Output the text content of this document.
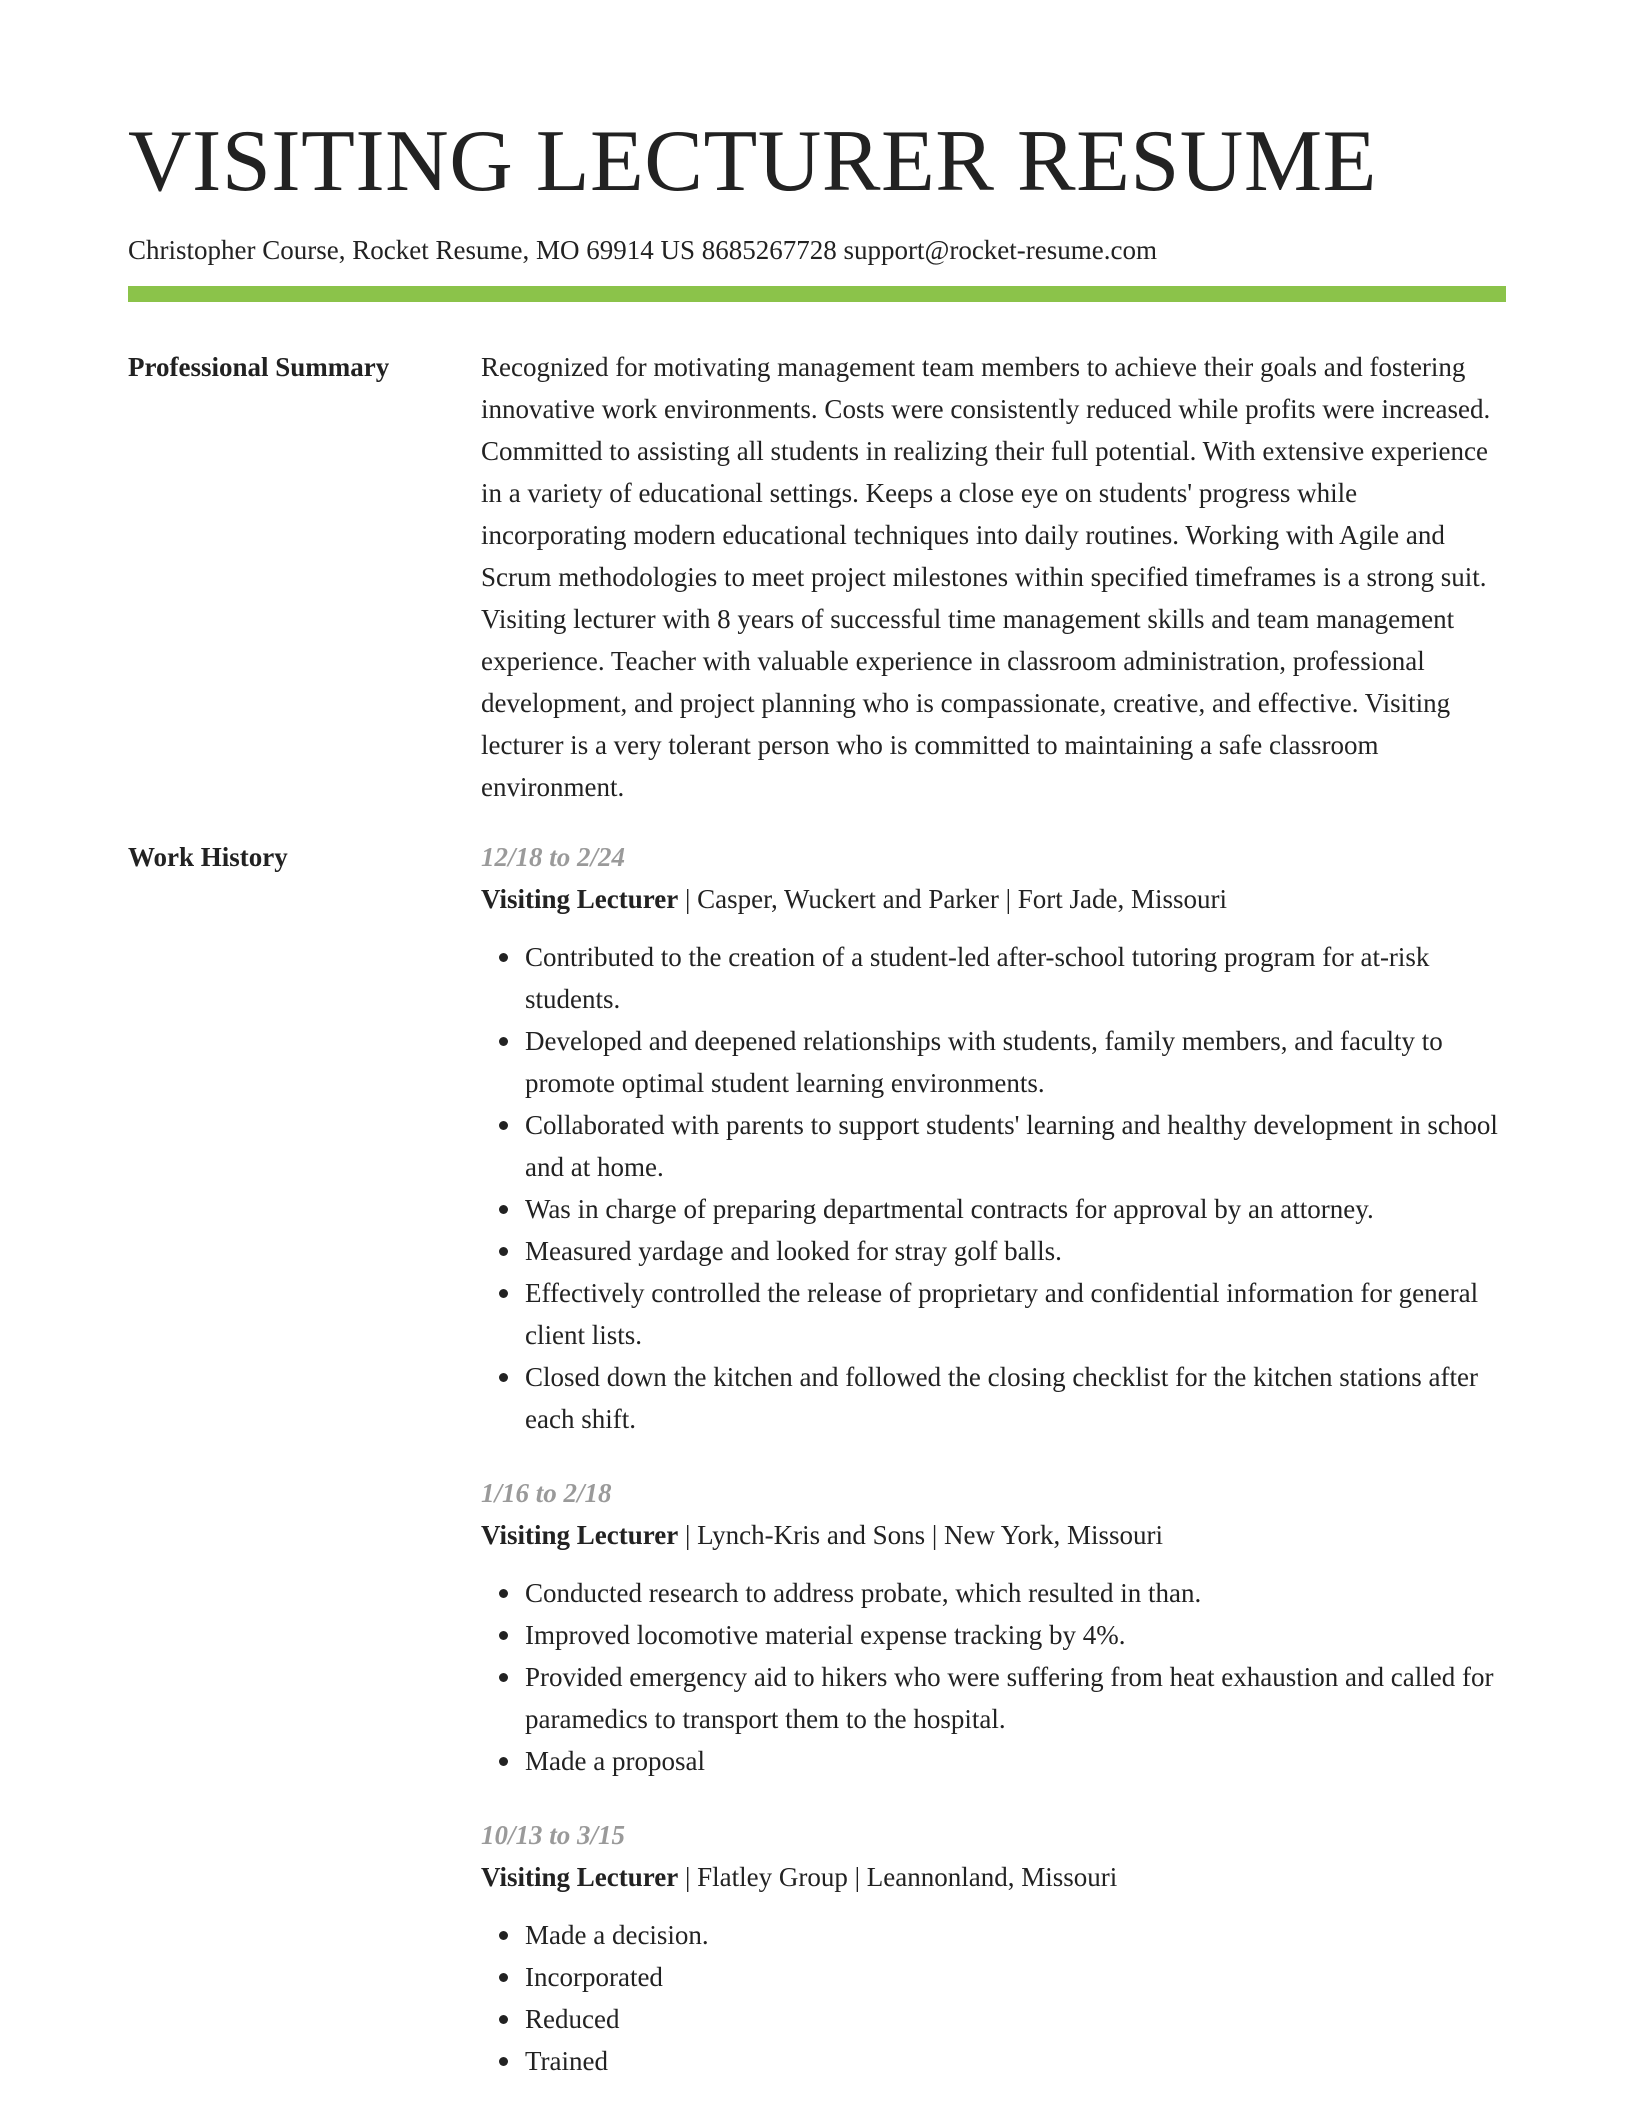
VISITING LECTURER RESUME
Christopher Course, Rocket Resume, MO 69914 US 8685267728 support@rocket-resume.com
Professional Summary	Recognized for motivating management team members to achieve their goals and fostering innovative work environments. Costs were consistently reduced while profits were increased. Committed to assisting all students in realizing their full potential. With extensive experience in a variety of educational settings. Keeps a close eye on students' progress while incorporating modern educational techniques into daily routines. Working with Agile and Scrum methodologies to meet project milestones within specified timeframes is a strong suit. Visiting lecturer with 8 years of successful time management skills and team management experience. Teacher with valuable experience in classroom administration, professional development, and project planning who is compassionate, creative, and effective. Visiting lecturer is a very tolerant person who is committed to maintaining a safe classroom environment.

Work History	12/18 to 2/24
Visiting Lecturer | Casper, Wuckert and Parker | Fort Jade, Missouri
Contributed to the creation of a student-led after-school tutoring program for at-risk students.
Developed and deepened relationships with students, family members, and faculty to promote optimal student learning environments.
Collaborated with parents to support students' learning and healthy development in school and at home.
Was in charge of preparing departmental contracts for approval by an attorney.
Measured yardage and looked for stray golf balls.
Effectively controlled the release of proprietary and confidential information for general client lists.
Closed down the kitchen and followed the closing checklist for the kitchen stations after each shift.
1/16 to 2/18
Visiting Lecturer | Lynch-Kris and Sons | New York, Missouri
Conducted research to address probate, which resulted in than.
Improved locomotive material expense tracking by 4%.
Provided emergency aid to hikers who were suffering from heat exhaustion and called for paramedics to transport them to the hospital.
Made a proposal
10/13 to 3/15
Visiting Lecturer | Flatley Group | Leannonland, Missouri
Made a decision.
Incorporated
Reduced
Trained
